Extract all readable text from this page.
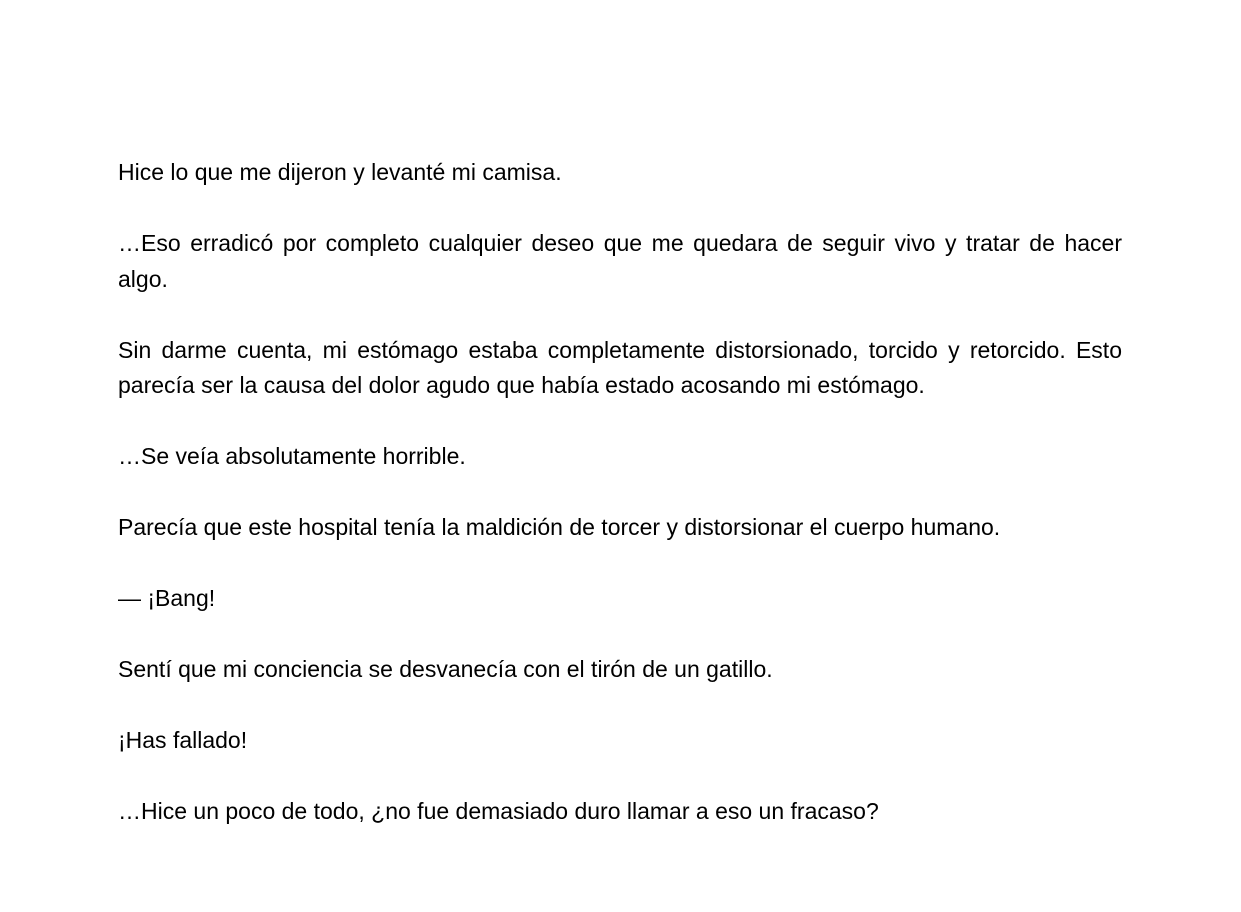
Hice lo que me dijeron y levanté mi camisa.

…Eso erradicó por completo cualquier deseo que me quedara de seguir vivo y tratar de hacer algo.

Sin darme cuenta, mi estómago estaba completamente distorsionado, torcido y retorcido. Esto parecía ser la causa del dolor agudo que había estado acosando mi estómago.

…Se veía absolutamente horrible.

Parecía que este hospital tenía la maldición de torcer y distorsionar el cuerpo humano.

— ¡Bang!

Sentí que mi conciencia se desvanecía con el tirón de un gatillo.

¡Has fallado!

…Hice un poco de todo, ¿no fue demasiado duro llamar a eso un fracaso?
